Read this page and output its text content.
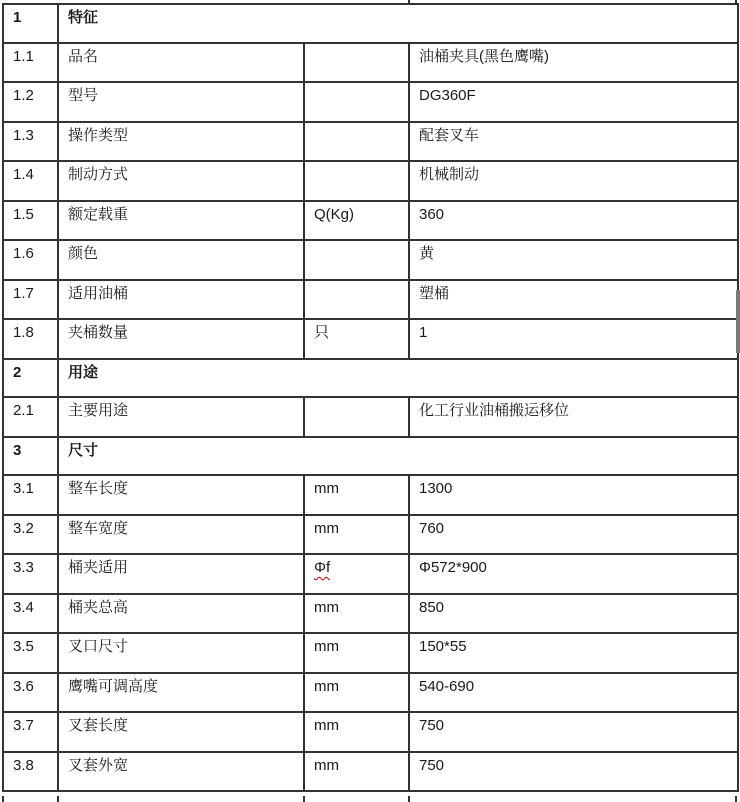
1	特征		
1.1	品名		油桶夹具(黑色鹰嘴)
1.2	型号		DG360F
1.3	操作类型		配套叉车
1.4	制动方式		机械制动
1.5	额定载重	Q(Kg)	360
1.6	颜色		黄
1.7	适用油桶		塑桶
1.8	夹桶数量	只	1
2	用途		
2.1	主要用途		化工行业油桶搬运移位
3	尺寸		
3.1	整车长度	mm	1300
3.2	整车宽度	mm	760
3.3	桶夹适用	Φf	Φ572*900
3.4	桶夹总高	mm	850
3.5	叉口尺寸	mm	150*55
3.6	鹰嘴可调高度	mm	540-690
3.7	叉套长度	mm	750
3.8	叉套外宽	mm	750
